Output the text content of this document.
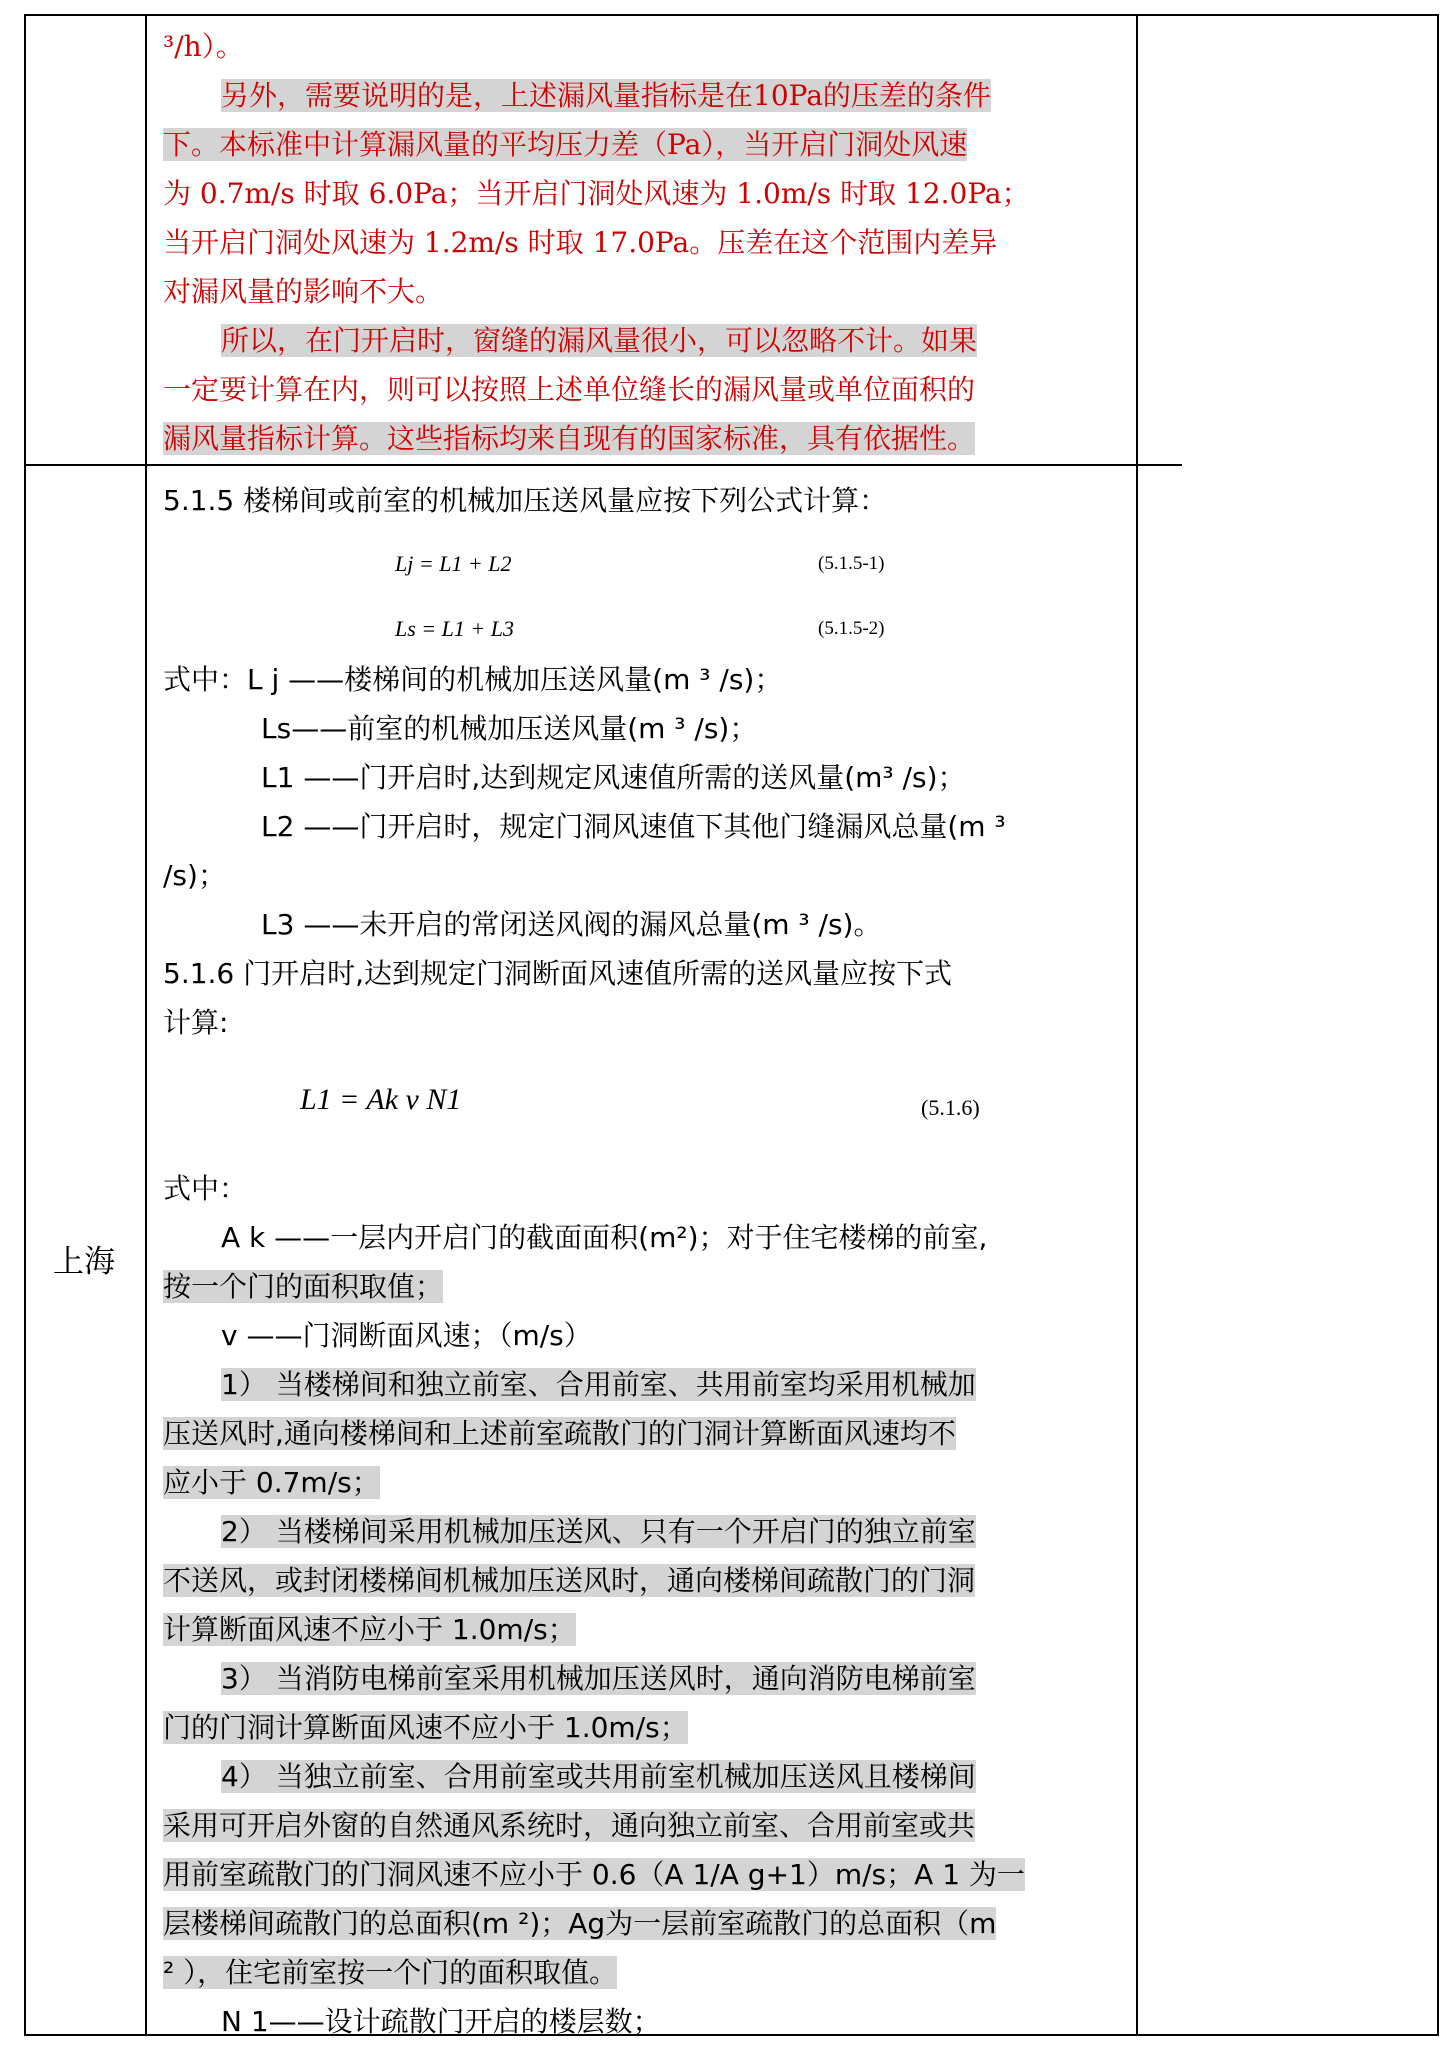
上海

³/h）。

另外，需要说明的是，上述漏风量指标是在10Pa的压差的条件

下。本标准中计算漏风量的平均压力差（Pa），当开启门洞处风速

为 0.7m/s 时取 6.0Pa；当开启门洞处风速为 1.0m/s 时取 12.0Pa；

当开启门洞处风速为 1.2m/s 时取 17.0Pa。压差在这个范围内差异

对漏风量的影响不大。

所以，在门开启时，窗缝的漏风量很小，可以忽略不计。如果

一定要计算在内，则可以按照上述单位缝长的漏风量或单位面积的

漏风量指标计算。这些指标均来自现有的国家标准，具有依据性。

5.1.5 楼梯间或前室的机械加压送风量应按下列公式计算：

Lj = L1 + L2	(5.1.5-1)
Ls = L1 + L3	(5.1.5-2)

式中：L j ——楼梯间的机械加压送风量(m ³ /s)；

Ls——前室的机械加压送风量(m ³ /s)；

L1 ——门开启时,达到规定风速值所需的送风量(m³ /s)；

L2 ——门开启时，规定门洞风速值下其他门缝漏风总量(m ³

/s)；

L3 ——未开启的常闭送风阀的漏风总量(m ³ /s)。

5.1.6 门开启时,达到规定门洞断面风速值所需的送风量应按下式

计算:

L1 = Ak v N1	(5.1.6)

式中：

A k ——一层内开启门的截面面积(m²)；对于住宅楼梯的前室,

按一个门的面积取值；

v ——门洞断面风速；（m/s）

1） 当楼梯间和独立前室、合用前室、共用前室均采用机械加

压送风时,通向楼梯间和上述前室疏散门的门洞计算断面风速均不

应小于 0.7m/s；

2） 当楼梯间采用机械加压送风、只有一个开启门的独立前室

不送风，或封闭楼梯间机械加压送风时，通向楼梯间疏散门的门洞

计算断面风速不应小于 1.0m/s；

3） 当消防电梯前室采用机械加压送风时，通向消防电梯前室

门的门洞计算断面风速不应小于 1.0m/s；

4） 当独立前室、合用前室或共用前室机械加压送风且楼梯间

采用可开启外窗的自然通风系统时，通向独立前室、合用前室或共

用前室疏散门的门洞风速不应小于 0.6（A 1/A g+1）m/s；A 1 为一

层楼梯间疏散门的总面积(m ²)；Ag为一层前室疏散门的总面积（m

² ），住宅前室按一个门的面积取值。

N 1——设计疏散门开启的楼层数；
